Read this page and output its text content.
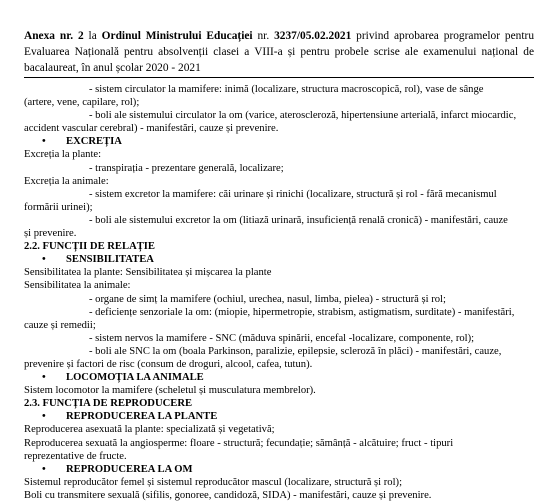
Anexa nr. 2 la Ordinul Ministrului Educației nr. 3237/05.02.2021 privind aprobarea programelor pentru Evaluarea Națională pentru absolvenții clasei a VIII-a și pentru probele scrise ale examenului național de bacalaureat, în anul școlar 2020 - 2021
- sistem circulator la mamifere: inimă (localizare, structura macroscopică, rol), vase de sânge
(artere, vene, capilare, rol);
- boli ale sistemului circulator la om (varice, ateroscleroză, hipertensiune arterială, infarct miocardic,
accident vascular cerebral) - manifestări, cauze și prevenire.
• EXCREȚIA
Excreția la plante:
- transpirația - prezentare generală, localizare;
Excreția la animale:
- sistem excretor la mamifere: căi urinare și rinichi (localizare, structură și rol - fără mecanismul
formării urinei);
- boli ale sistemului excretor la om (litiază urinară, insuficiență renală cronică) - manifestări, cauze
și prevenire.
2.2. FUNCȚII DE RELAȚIE
• SENSIBILITATEA
Sensibilitatea la plante: Sensibilitatea și mișcarea la plante
Sensibilitatea la animale:
- organe de simț la mamifere (ochiul, urechea, nasul, limba, pielea) - structură și rol;
- deficiențe senzoriale la om: (miopie, hipermetropie, strabism, astigmatism, surditate) - manifestări,
cauze și remedii;
- sistem nervos la mamifere - SNC (măduva spinării, encefal -localizare, componente, rol);
- boli ale SNC la om (boala Parkinson, paralizie, epilepsie, scleroză în plăci) - manifestări, cauze,
prevenire și factori de risc (consum de droguri, alcool, cafea, tutun).
• LOCOMOȚIA LA ANIMALE
Sistem locomotor la mamifere (scheletul și musculatura membrelor).
2.3. FUNCȚIA DE REPRODUCERE
• REPRODUCEREA LA PLANTE
Reproducerea asexuată la plante: specializată și vegetativă;
Reproducerea sexuată la angiosperme: floare - structură; fecundație; sămânță - alcătuire; fruct - tipuri
reprezentative de fructe.
• REPRODUCEREA LA OM
Sistemul reproducător femel și sistemul reproducător mascul (localizare, structură și rol);
Boli cu transmitere sexuală (sifilis, gonoree, candidoză, SIDA) - manifestări, cauze și prevenire.
